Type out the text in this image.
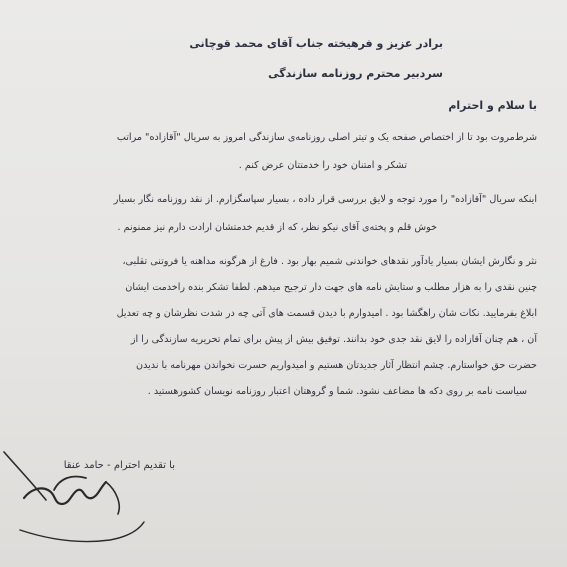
برادر عزیز و فرهیخته جناب آقای محمد قوچانی
سردبیر محترم روزنامه سازندگی
با سلام و احترام
شرط‌مروت بود تا از اختصاص صفحه یک و تیتر اصلی روزنامه‌ی سازندگی امروز به سریال "آقازاده" مراتب
تشکر و امتنان خود را خدمتتان عرض کنم .
اینکه سریال "آقازاده" را مورد توجه و لایق بررسی قرار داده ، بسیار سپاسگزارم. از نقد روزنامه نگار بسیار
خوش قلم و پخته‌ی آقای نیکو نظر، که از قدیم خدمتشان ارادت دارم نیز ممنونم .
نثر و نگارش ایشان بسیار یادآور نقدهای خواندنی شمیم بهار بود . فارغ از هرگونه مداهنه یا فروتنی تقلبی،
چنین نقدی را به هزار مطلب و ستایش نامه های جهت دار ترجیح میدهم. لطفا تشکر بنده راخدمت ایشان
ابلاغ بفرمایید. نکات شان راهگشا بود . امیدوارم با دیدن قسمت های آتی چه در شدت نظرشان و چه تعدیل
آن ، هم چنان آقازاده را لایق نقد جدی خود بدانند. توفیق بیش از پیش برای تمام تحریریه سازندگی را از
حضرت حق خواستارم. چشم انتظار آثار جدیدتان هستیم و امیدواریم حسرت نخواندن مهرنامه با ندیدن
سیاست نامه بر روی دکه ها مضاعف نشود. شما و گروهتان اعتبار روزنامه نویسان کشورهستید .
با تقدیم احترام - حامد عنقا
